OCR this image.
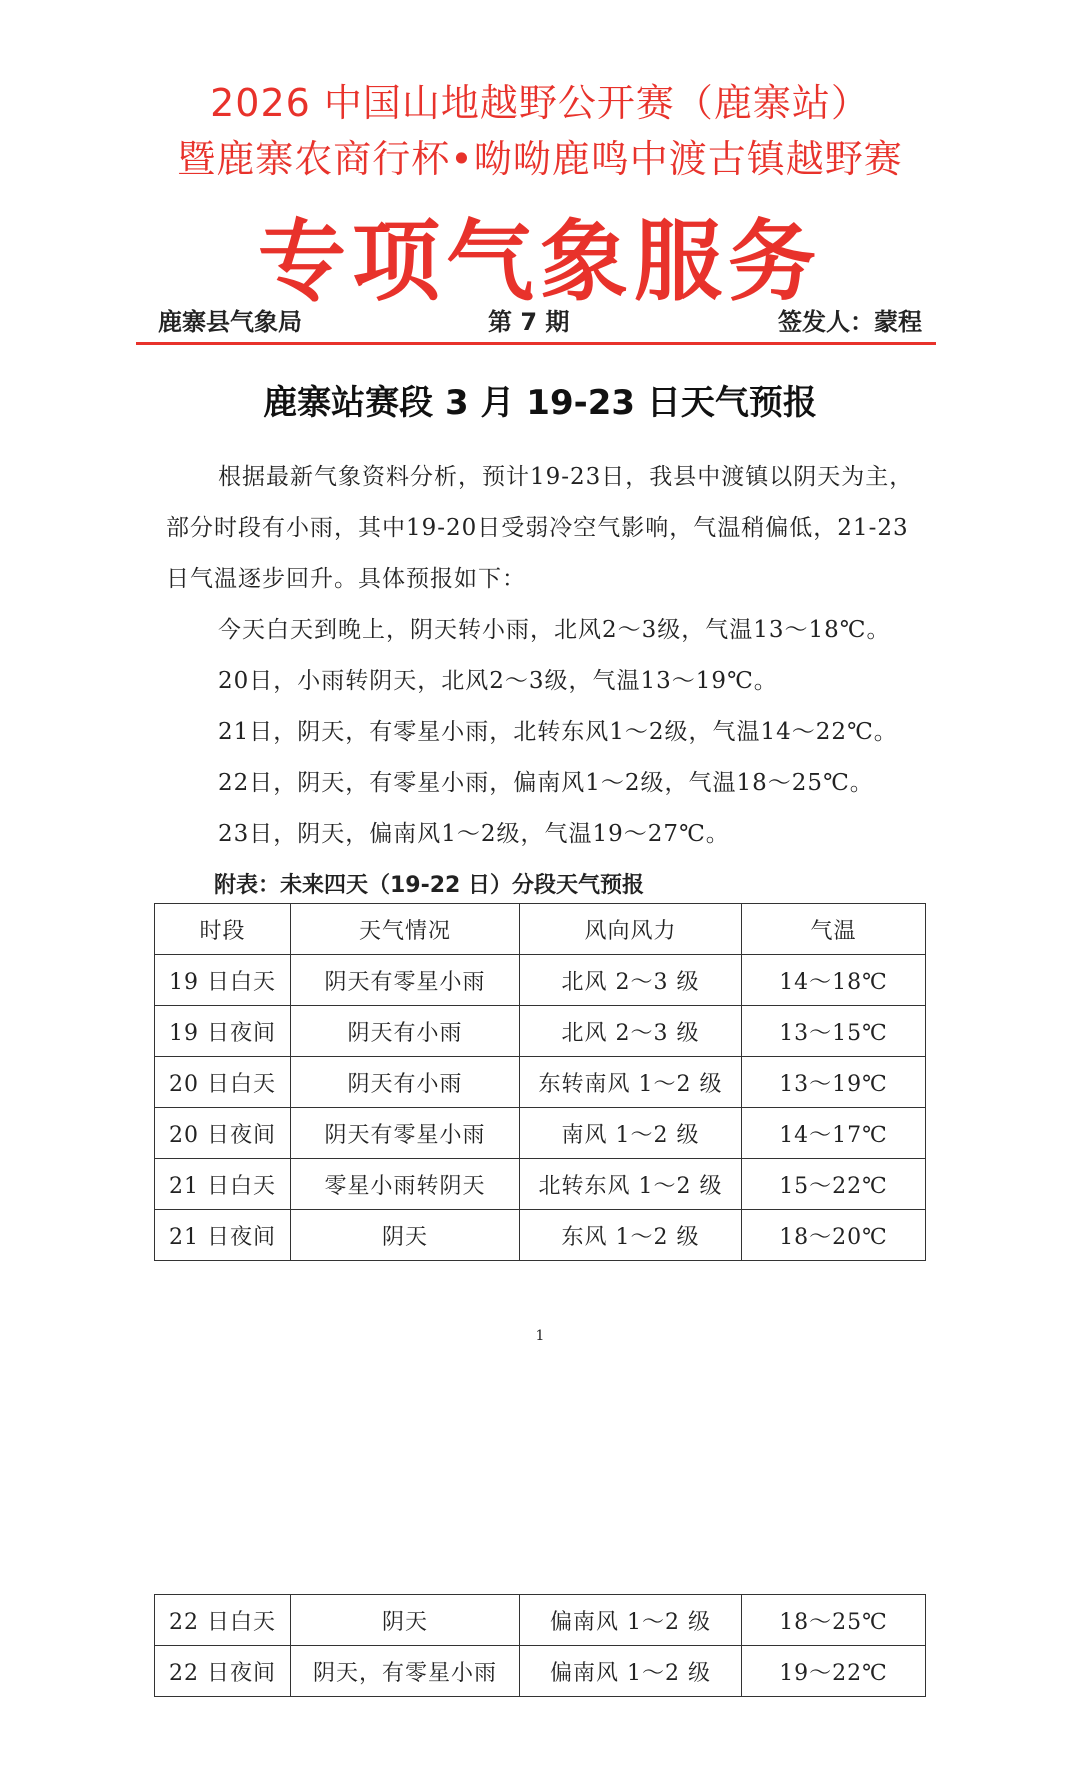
2026 中国山地越野公开赛（鹿寨站）
暨鹿寨农商行杯•呦呦鹿鸣中渡古镇越野赛
专项气象服务
鹿寨县气象局	第 7 期	签发人：蒙程
鹿寨站赛段 3 月 19-23 日天气预报

根据最新气象资料分析，预计19-23日，我县中渡镇以阴天为主，部分时段有小雨，其中19-20日受弱冷空气影响，气温稍偏低，21-23日气温逐步回升。具体预报如下：

今天白天到晚上，阴天转小雨，北风2～3级，气温13～18℃。

20日，小雨转阴天，北风2～3级，气温13～19℃。

21日，阴天，有零星小雨，北转东风1～2级，气温14～22℃。

22日，阴天，有零星小雨，偏南风1～2级，气温18～25℃。

23日，阴天，偏南风1～2级，气温19～27℃。

附表：未来四天（19-22 日）分段天气预报
时段	天气情况	风向风力	气温
19 日白天	阴天有零星小雨	北风 2～3 级	14～18℃
19 日夜间	阴天有小雨	北风 2～3 级	13～15℃
20 日白天	阴天有小雨	东转南风 1～2 级	13～19℃
20 日夜间	阴天有零星小雨	南风 1～2 级	14～17℃
21 日白天	零星小雨转阴天	北转东风 1～2 级	15～22℃
21 日夜间	阴天	东风 1～2 级	18～20℃
1
22 日白天	阴天	偏南风 1～2 级	18～25℃
22 日夜间	阴天，有零星小雨	偏南风 1～2 级	19～22℃
